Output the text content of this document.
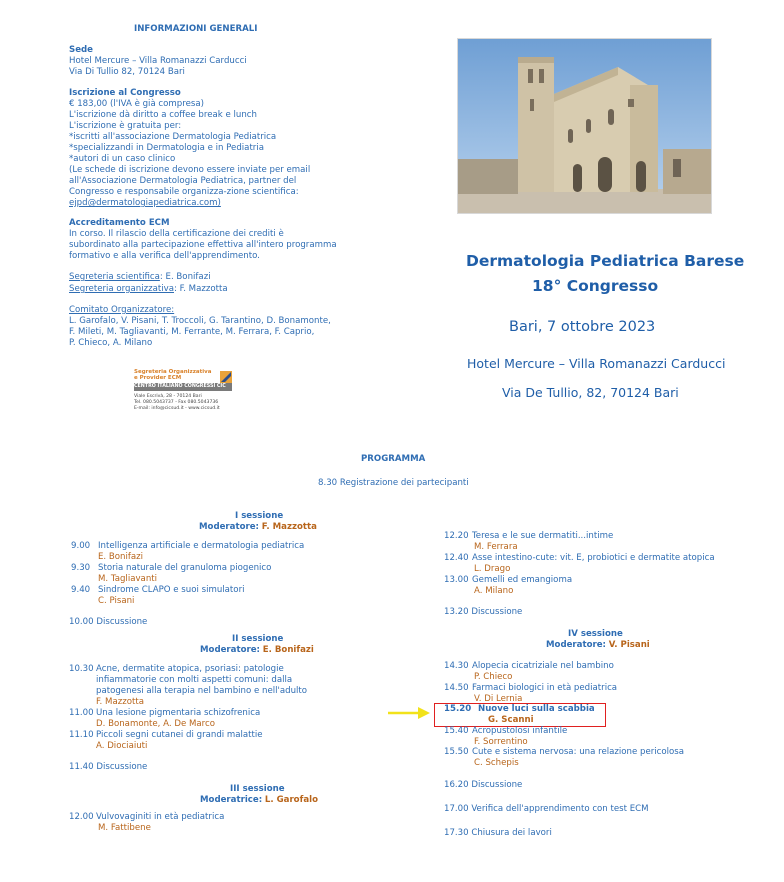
INFORMAZIONI GENERALI
Sede
Hotel Mercure – Villa Romanazzi Carducci
Via Di Tullio 82, 70124 Bari
Iscrizione al Congresso
€ 183,00 (l'IVA è già compresa)
L'iscrizione dà diritto a coffee break e lunch
L'iscrizione è gratuita per:
*iscritti all'associazione Dermatologia Pediatrica
*specializzandi in Dermatologia e in Pediatria
*autori di un caso clinico
(Le schede di iscrizione devono essere inviate per email
all'Associazione Dermatologia Pediatrica, partner del
Congresso e responsabile organizza-zione scientifica:
ejpd@dermatologiapediatrica.com)
Accreditamento ECM
In corso. Il rilascio della certificazione dei crediti è
subordinato alla partecipazione effettiva all'intero programma
formativo e alla verifica dell'apprendimento.
Segreteria scientifica: E. Bonifazi
Segreteria organizzativa: F. Mazzotta
Comitato Organizzatore:
L. Garofalo, V. Pisani, T. Troccoli, G. Tarantino, D. Bonamonte,
F. Mileti, M. Tagliavanti, M. Ferrante, M. Ferrara, F. Caprio,
P. Chieco, A. Milano
Segreteria Organizzativa
e Provider ECM
CENTRO ITALIANO CONGRESSI CIC
Viale Escrivà, 28 - 70124 Bari
Tel. 080.5043737 - Fax 080.5043736
E-mail: info@cicsud.it - www.cicsud.it
Dermatologia Pediatrica Barese
18° Congresso
Bari, 7 ottobre 2023
Hotel Mercure – Villa Romanazzi Carducci
Via De Tullio, 82, 70124 Bari
PROGRAMMA
8.30 Registrazione dei partecipanti
I sessione
Moderatore: F. Mazzotta
9.00 Intelligenza artificiale e dermatologia pediatrica
E. Bonifazi
9.30 Storia naturale del granuloma piogenico
M. Tagliavanti
9.40 Sindrome CLAPO e suoi simulatori
C. Pisani
10.00 Discussione
II sessione
Moderatore: E. Bonifazi
10.30 Acne, dermatite atopica, psoriasi: patologie
infiammatorie con molti aspetti comuni: dalla
patogenesi alla terapia nel bambino e nell'adulto
F. Mazzotta
11.00 Una lesione pigmentaria schizofrenica
D. Bonamonte, A. De Marco
11.10 Piccoli segni cutanei di grandi malattie
A. Diociaiuti
11.40 Discussione
III sessione
Moderatrice: L. Garofalo
12.00 Vulvovaginiti in età pediatrica
M. Fattibene
12.20 Teresa e le sue dermatiti...intime
M. Ferrara
12.40 Asse intestino-cute: vit. E, probiotici e dermatite atopica
L. Drago
13.00 Gemelli ed emangioma
A. Milano
13.20 Discussione
IV sessione
Moderatore: V. Pisani
14.30 Alopecia cicatriziale nel bambino
P. Chieco
14.50 Farmaci biologici in età pediatrica
V. Di Lernia
15.20 Nuove luci sulla scabbia
G. Scanni
15.40 Acropustolosi infantile
F. Sorrentino
15.50 Cute e sistema nervosa: una relazione pericolosa
C. Schepis
16.20 Discussione
17.00 Verifica dell'apprendimento con test ECM
17.30 Chiusura dei lavori
